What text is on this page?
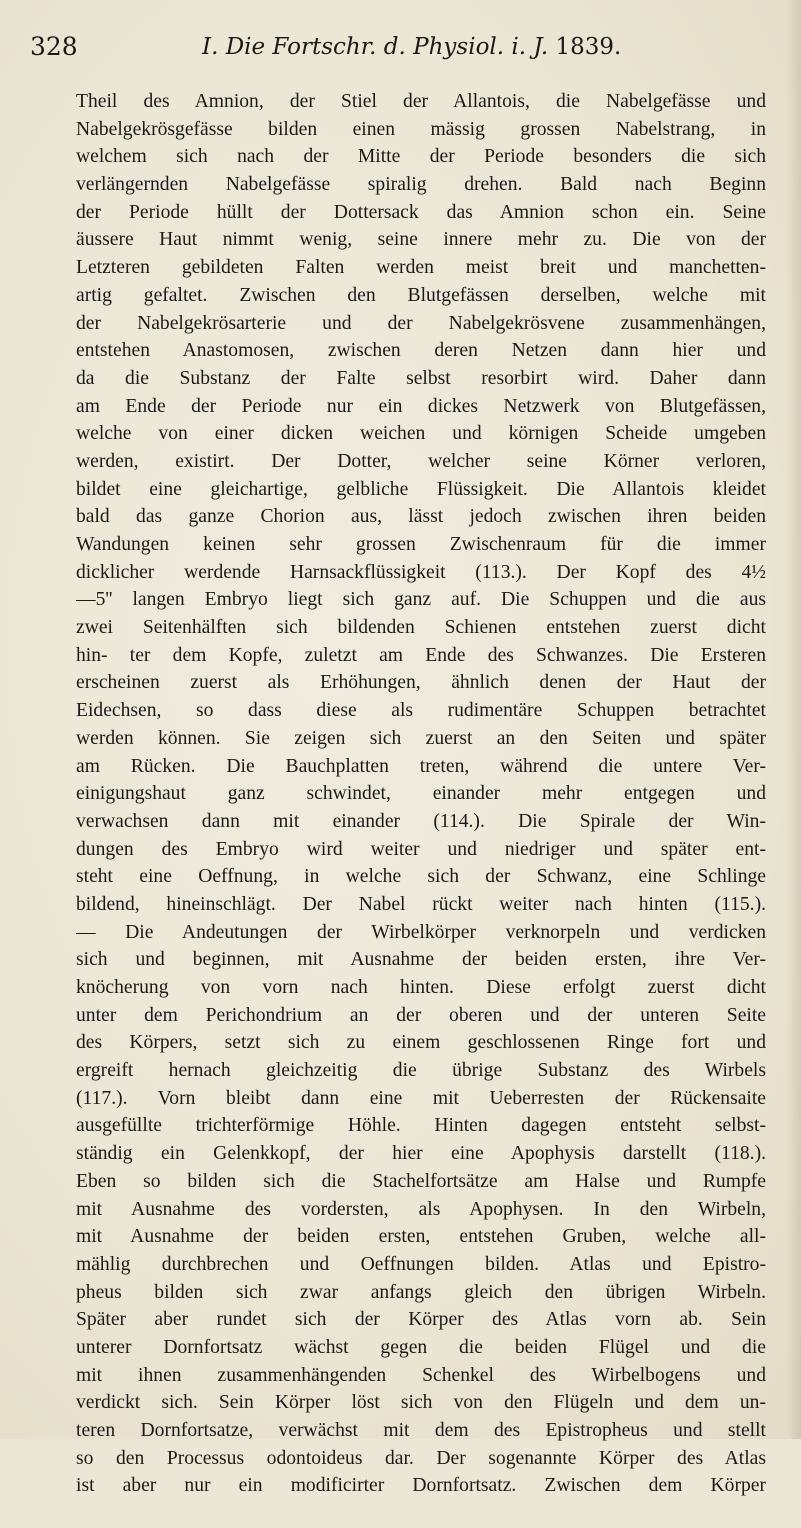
328	I. Die Fortschr. d. Physiol. i. J. 1839.
Theil des Amnion, der Stiel der Allantois, die Nabelgefässe und
Nabelgekrösgefässe bilden einen mässig grossen Nabelstrang, in
welchem sich nach der Mitte der Periode besonders die sich
verlängernden Nabelgefässe spiralig drehen. Bald nach Beginn
der Periode hüllt der Dottersack das Amnion schon ein. Seine
äussere Haut nimmt wenig, seine innere mehr zu. Die von der
Letzteren gebildeten Falten werden meist breit und manchetten-
artig gefaltet. Zwischen den Blutgefässen derselben, welche mit
der Nabelgekrösarterie und der Nabelgekrösvene zusammenhängen,
entstehen Anastomosen, zwischen deren Netzen dann hier und
da die Substanz der Falte selbst resorbirt wird. Daher dann
am Ende der Periode nur ein dickes Netzwerk von Blutgefässen,
welche von einer dicken weichen und körnigen Scheide umgeben
werden, existirt. Der Dotter, welcher seine Körner verloren,
bildet eine gleichartige, gelbliche Flüssigkeit. Die Allantois kleidet
bald das ganze Chorion aus, lässt jedoch zwischen ihren beiden
Wandungen keinen sehr grossen Zwischenraum für die immer
dicklicher werdende Harnsackflüssigkeit (113.). Der Kopf des 4½
—5'' langen Embryo liegt sich ganz auf. Die Schuppen und die aus
zwei Seitenhälften sich bildenden Schienen entstehen zuerst dicht
hin- ter dem Kopfe, zuletzt am Ende des Schwanzes. Die Ersteren
erscheinen zuerst als Erhöhungen, ähnlich denen der Haut der
Eidechsen, so dass diese als rudimentäre Schuppen betrachtet
werden können. Sie zeigen sich zuerst an den Seiten und später
am Rücken. Die Bauchplatten treten, während die untere Ver-
einigungshaut ganz schwindet, einander mehr entgegen und
verwachsen dann mit einander (114.). Die Spirale der Win-
dungen des Embryo wird weiter und niedriger und später ent-
steht eine Oeffnung, in welche sich der Schwanz, eine Schlinge
bildend, hineinschlägt. Der Nabel rückt weiter nach hinten (115.).
— Die Andeutungen der Wirbelkörper verknorpeln und verdicken
sich und beginnen, mit Ausnahme der beiden ersten, ihre Ver-
knöcherung von vorn nach hinten. Diese erfolgt zuerst dicht
unter dem Perichondrium an der oberen und der unteren Seite
des Körpers, setzt sich zu einem geschlossenen Ringe fort und
ergreift hernach gleichzeitig die übrige Substanz des Wirbels
(117.). Vorn bleibt dann eine mit Ueberresten der Rückensaite
ausgefüllte trichterförmige Höhle. Hinten dagegen entsteht selbst-
ständig ein Gelenkkopf, der hier eine Apophysis darstellt (118.).
Eben so bilden sich die Stachelfortsätze am Halse und Rumpfe
mit Ausnahme des vordersten, als Apophysen. In den Wirbeln,
mit Ausnahme der beiden ersten, entstehen Gruben, welche all-
mählig durchbrechen und Oeffnungen bilden. Atlas und Epistro-
pheus bilden sich zwar anfangs gleich den übrigen Wirbeln.
Später aber rundet sich der Körper des Atlas vorn ab. Sein
unterer Dornfortsatz wächst gegen die beiden Flügel und die
mit ihnen zusammenhängenden Schenkel des Wirbelbogens und
verdickt sich. Sein Körper löst sich von den Flügeln und dem un-
teren Dornfortsatze, verwächst mit dem des Epistropheus und stellt
so den Processus odontoideus dar. Der sogenannte Körper des Atlas
ist aber nur ein modificirter Dornfortsatz. Zwischen dem Körper
